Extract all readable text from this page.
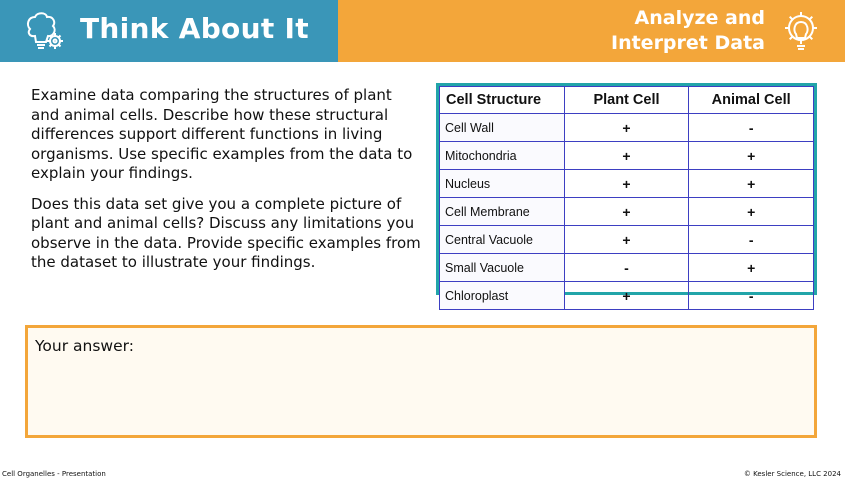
Think About It	Analyze and
Interpret Data

Examine data comparing the structures of plant and animal cells. Describe how these structural differences support different functions in living organisms. Use specific examples from the data to explain your findings.

Does this data set give you a complete picture of plant and animal cells? Discuss any limitations you observe in the data. Provide specific examples from the dataset to illustrate your findings.

Cell Structure	Plant Cell	Animal Cell
Cell Wall	+	-
Mitochondria	+	+
Nucleus	+	+
Cell Membrane	+	+
Central Vacuole	+	-
Small Vacuole	-	+
Chloroplast	+	-
Your answer:
Cell Organelles - Presentation	© Kesler Science, LLC 2024
